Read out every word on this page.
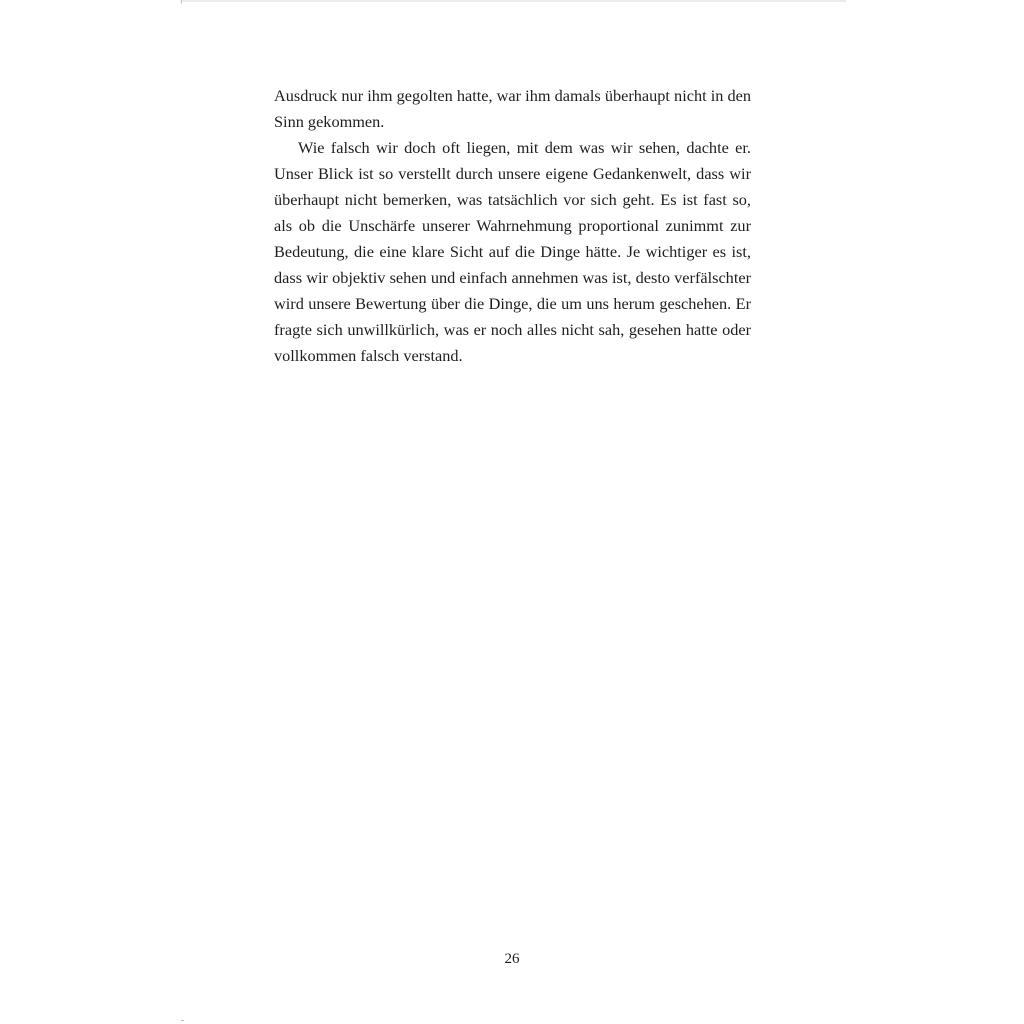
Ausdruck nur ihm gegolten hatte, war ihm damals überhaupt nicht in den Sinn gekommen.

Wie falsch wir doch oft liegen, mit dem was wir sehen, dachte er. Unser Blick ist so verstellt durch unsere eigene Gedankenwelt, dass wir überhaupt nicht bemerken, was tatsächlich vor sich geht. Es ist fast so, als ob die Unschärfe unserer Wahrnehmung proportional zunimmt zur Bedeutung, die eine klare Sicht auf die Dinge hätte. Je wichtiger es ist, dass wir objektiv sehen und einfach annehmen was ist, desto verfälschter wird unsere Bewertung über die Dinge, die um uns herum geschehen. Er fragte sich unwillkürlich, was er noch alles nicht sah, gesehen hatte oder vollkommen falsch verstand.

26
